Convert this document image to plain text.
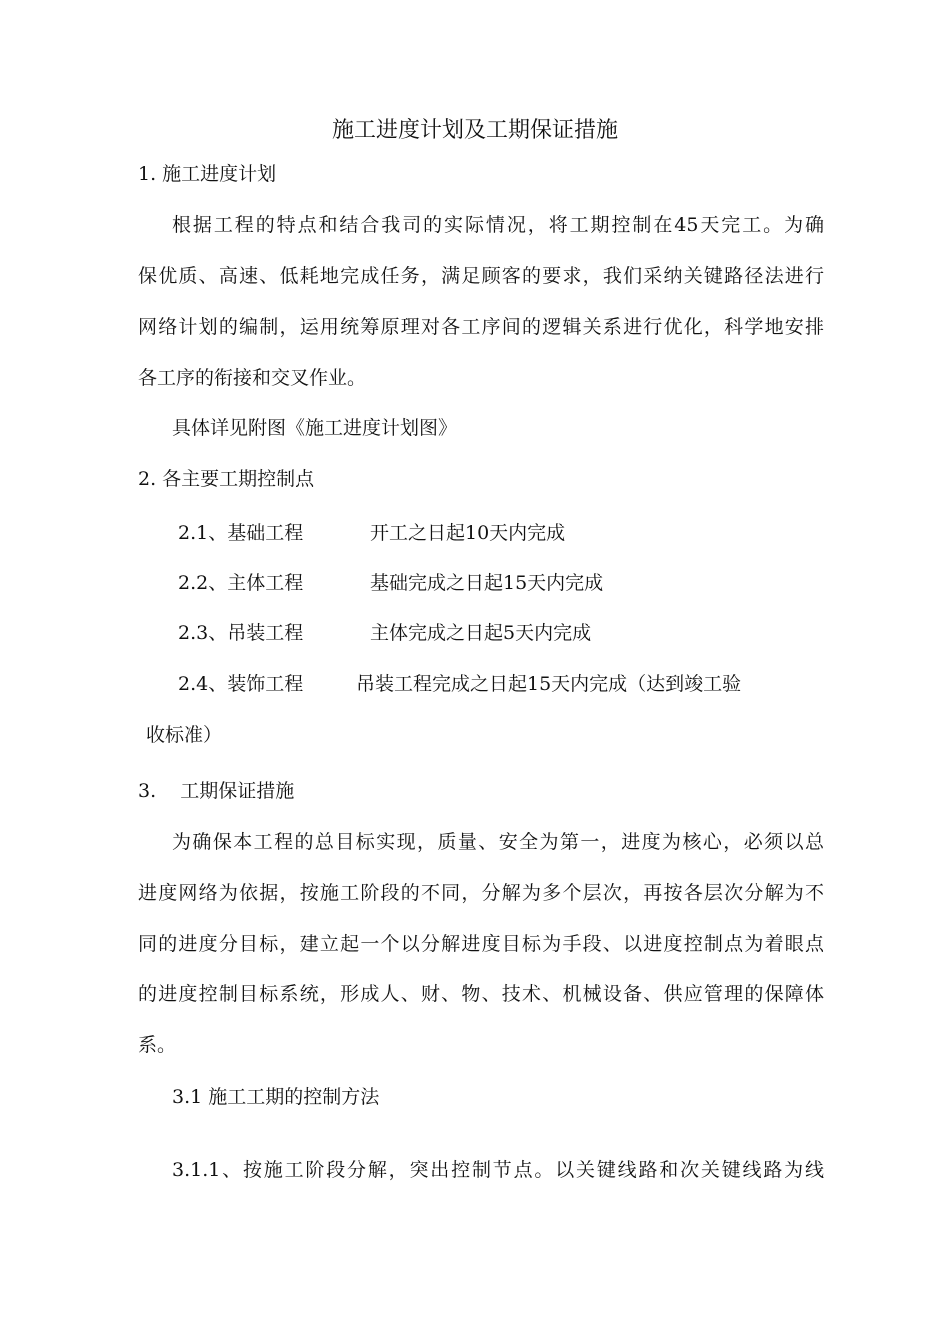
施工进度计划及工期保证措施
1. 施工进度计划
根据工程的特点和结合我司的实际情况，将工期控制在45天完工。为确
保优质、高速、低耗地完成任务，满足顾客的要求，我们采纳关键路径法进行
网络计划的编制，运用统筹原理对各工序间的逻辑关系进行优化，科学地安排
各工序的衔接和交叉作业。
具体详见附图《施工进度计划图》
2. 各主要工期控制点
2.1、基础工程	开工之日起10天内完成
2.2、主体工程	基础完成之日起15天内完成
2.3、吊装工程	主体完成之日起5天内完成
2.4、装饰工程	吊装工程完成之日起15天内完成（达到竣工验
收标准）
3.    工期保证措施
为确保本工程的总目标实现，质量、安全为第一，进度为核心，必须以总
进度网络为依据，按施工阶段的不同，分解为多个层次，再按各层次分解为不
同的进度分目标，建立起一个以分解进度目标为手段、以进度控制点为着眼点
的进度控制目标系统，形成人、财、物、技术、机械设备、供应管理的保障体
系。
3.1 施工工期的控制方法
3.1.1、按施工阶段分解，突出控制节点。以关键线路和次关键线路为线
